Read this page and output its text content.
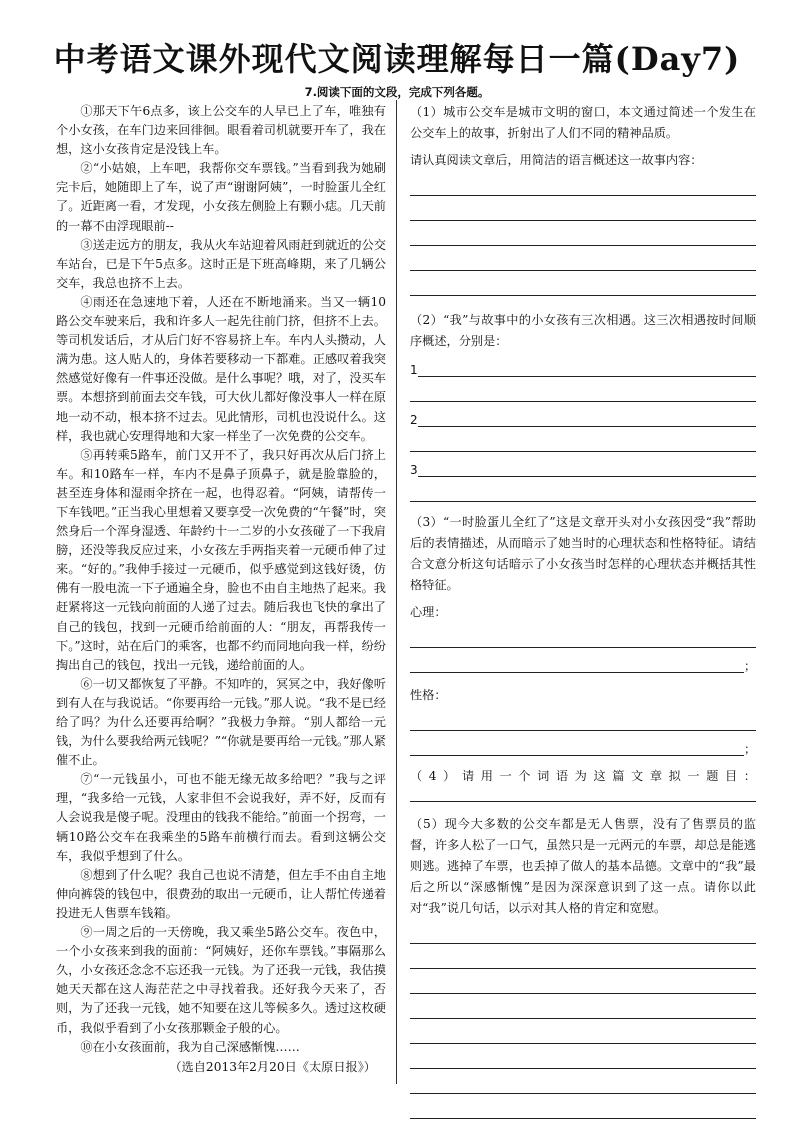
中考语文课外现代文阅读理解每日一篇(Day7)
7.阅读下面的文段，完成下列各题。

①那天下午6点多，该上公交车的人早已上了车，唯独有个小女孩，在车门边来回徘徊。眼看着司机就要开车了，我在想，这小女孩肯定是没钱上车。

②“小姑娘，上车吧，我帮你交车票钱。”当看到我为她刷完卡后，她随即上了车，说了声“谢谢阿姨”，一时脸蛋儿全红了。近距离一看，才发现，小女孩左侧脸上有颗小痣。几天前的一幕不由浮现眼前--

③送走远方的朋友，我从火车站迎着风雨赶到就近的公交车站台，已是下午5点多。这时正是下班高峰期，来了几辆公交车，我总也挤不上去。

④雨还在急速地下着，人还在不断地涌来。当又一辆10路公交车驶来后，我和许多人一起先往前门挤，但挤不上去。等司机发话后，才从后门好不容易挤上车。车内人头攒动，人满为患。这人贴人的，身体若要移动一下都难。正感叹着我突然感觉好像有一件事还没做。是什么事呢？哦，对了，没买车票。本想挤到前面去交车钱，可大伙儿都好像没事人一样在原地一动不动，根本挤不过去。见此情形，司机也没说什么。这样，我也就心安理得地和大家一样坐了一次免费的公交车。

⑤再转乘5路车，前门又开不了，我只好再次从后门挤上车。和10路车一样，车内不是鼻子顶鼻子，就是脸靠脸的，甚至连身体和湿雨伞挤在一起，也得忍着。“阿姨，请帮传一下车钱吧。”正当我心里想着又要享受一次免费的“午餐”时，突然身后一个浑身湿透、年龄约十一二岁的小女孩碰了一下我肩膀，还没等我反应过来，小女孩左手两指夹着一元硬币伸了过来。“好的。”我伸手接过一元硬币，似乎感觉到这钱好烫，仿佛有一股电流一下子通遍全身，脸也不由自主地热了起来。我赶紧将这一元钱向前面的人递了过去。随后我也飞快的拿出了自己的钱包，找到一元硬币给前面的人：“朋友，再帮我传一下。”这时，站在后门的乘客，也都不约而同地向我一样，纷纷掏出自己的钱包，找出一元钱，递给前面的人。

⑥一切又都恢复了平静。不知咋的，冥冥之中，我好像听到有人在与我说话。“你要再给一元钱。”那人说。“我不是已经给了吗？为什么还要再给啊？”我极力争辩。“别人都给一元钱，为什么要我给两元钱呢？”“你就是要再给一元钱。”那人紧催不止。

⑦“一元钱虽小，可也不能无缘无故多给吧？”我与之评理，“我多给一元钱，人家非但不会说我好，弄不好，反而有人会说我是傻子呢。没理由的钱我不能给。”前面一个拐弯，一辆10路公交车在我乘坐的5路车前横行而去。看到这辆公交车，我似乎想到了什么。

⑧想到了什么呢？我自己也说不清楚，但左手不由自主地伸向裤袋的钱包中，很费劲的取出一元硬币，让人帮忙传递着投进无人售票车钱箱。

⑨一周之后的一天傍晚，我又乘坐5路公交车。夜色中，一个小女孩来到我的面前：“阿姨好，还你车票钱。”事隔那么久，小女孩还念念不忘还我一元钱。为了还我一元钱，我估摸她天天都在这人海茫茫之中寻找着我。还好我今天来了，否则，为了还我一元钱，她不知要在这儿等候多久。透过这枚硬币，我似乎看到了小女孩那颗金子般的心。

⑩在小女孩面前，我为自己深感惭愧……

（选自2013年2月20日《太原日报》）

（1）城市公交车是城市文明的窗口，本文通过简述一个发生在公交车上的故事，折射出了人们不同的精神品质。

请认真阅读文章后，用简洁的语言概述这一故事内容：

（2）“我”与故事中的小女孩有三次相遇。这三次相遇按时间顺序概述，分别是：

1
2
3

（3）“一时脸蛋儿全红了”这是文章开头对小女孩因受“我”帮助后的表情描述，从而暗示了她当时的心理状态和性格特征。请结合文意分析这句话暗示了小女孩当时怎样的心理状态并概括其性格特征。

心理：

；

性格：

；

（4）请用一个词语为这篇文章拟一题目：

（5）现今大多数的公交车都是无人售票，没有了售票员的监督，许多人松了一口气，虽然只是一元两元的车票，却总是能逃则逃。逃掉了车票，也丢掉了做人的基本品德。文章中的“我”最后之所以“深感惭愧”是因为深深意识到了这一点。请你以此对“我”说几句话，以示对其人格的肯定和宽慰。
